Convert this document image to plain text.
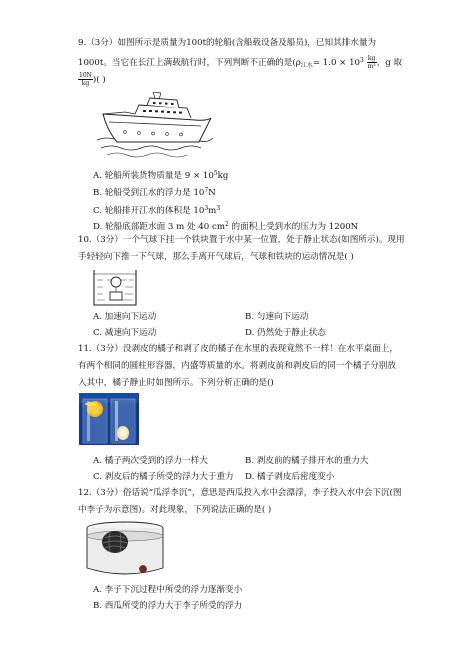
9.（3分）如图所示是质量为100t的轮船(含船载设备及船员)，已知其排水量为
1000t。当它在长江上满载航行时，下列判断不正确的是($\rho_{江水}= 1.0 \times 10^3 \frac{kg}{\text{m³}}$ ，g 取
$\frac{10N}{kg}$ )( )
A. 轮船所装货物质量是 $9 \times 10^5kg$
B. 轮船受到江水的浮力是 $10^7N$
C. 轮船排开江水的体积是 $10^3m^3$
D. 轮船底部距水面 3 m 处 40 $cm^2$ 的面积上受到水的压力为 1200N
10.（3分）一个气球下挂一个铁块置于水中某一位置，处于静止状态(如图所示)。现用
手轻轻向下推一下气球，那么手离开气球后，气球和铁块的运动情况是( )
A. 加速向下运动	B. 匀速向下运动
C. 减速向下运动	D. 仍然处于静止状态
11.（3分）没剥皮的橘子和剥了皮的橘子在水里的表现竟然不一样！在水平桌面上，
有两个相同的圆柱形容器，内盛等质量的水。将剥皮前和剥皮后的同一个橘子分别放
入其中，橘子静止时如图所示。下列分析正确的是()
A. 橘子两次受到的浮力一样大	B. 剥皮前的橘子排开水的重力大
C. 剥皮后的橘子所受的浮力大于重力 D. 橘子剥皮后密度变小
12.（3分）俗话说“瓜浮李沉”，意思是西瓜投入水中会漂浮，李子投入水中会下沉(图
中李子为示意图)。对此现象，下列说法正确的是( )
A. 李子下沉过程中所受的浮力逐渐变小
B. 西瓜所受的浮力大于李子所受的浮力
